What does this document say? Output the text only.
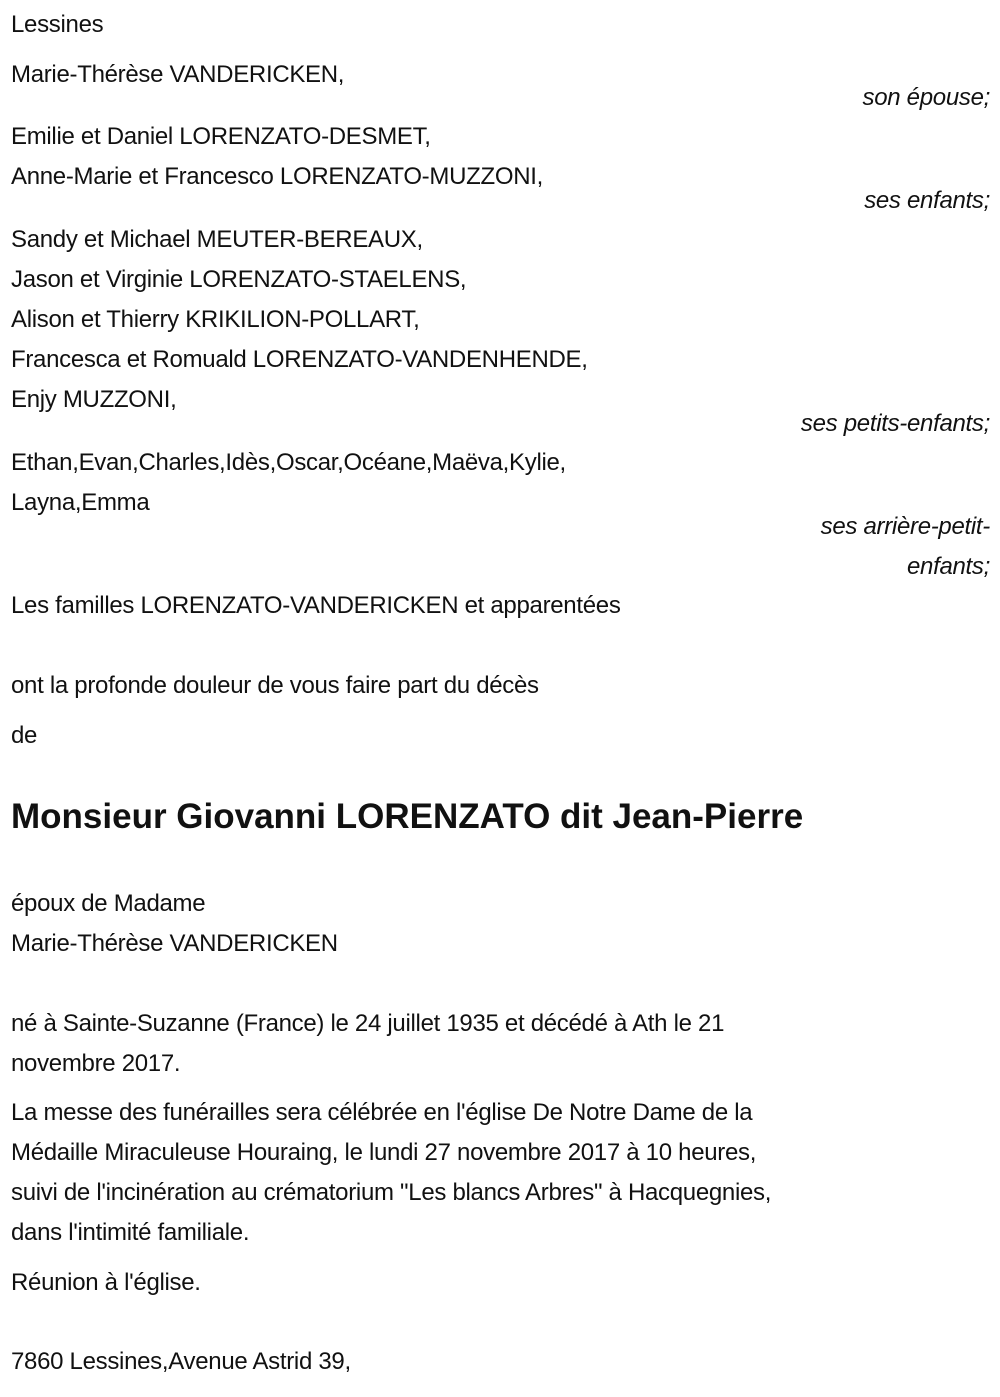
Lessines
Marie-Thérèse VANDERICKEN,
son épouse;
Emilie et Daniel LORENZATO-DESMET,
Anne-Marie et Francesco LORENZATO-MUZZONI,
ses enfants;
Sandy et Michael MEUTER-BEREAUX,
Jason et Virginie LORENZATO-STAELENS,
Alison et Thierry KRIKILION-POLLART,
Francesca et Romuald LORENZATO-VANDENHENDE,
Enjy MUZZONI,
ses petits-enfants;
Ethan,Evan,Charles,Idès,Oscar,Océane,Maëva,Kylie,
Layna,Emma
ses arrière-petit-
enfants;
Les familles LORENZATO-VANDERICKEN et apparentées
ont la profonde douleur de vous faire part du décès
de
Monsieur Giovanni LORENZATO dit Jean-Pierre
époux de Madame
Marie-Thérèse VANDERICKEN
né à Sainte-Suzanne (France) le 24 juillet 1935 et décédé à Ath le 21
novembre 2017.
La messe des funérailles sera célébrée en l'église De Notre Dame de la
Médaille Miraculeuse Houraing, le lundi 27 novembre 2017 à 10 heures,
suivi de l'incinération au crématorium "Les blancs Arbres" à Hacquegnies,
dans l'intimité familiale.
Réunion à l'église.
7860 Lessines,Avenue Astrid 39,
